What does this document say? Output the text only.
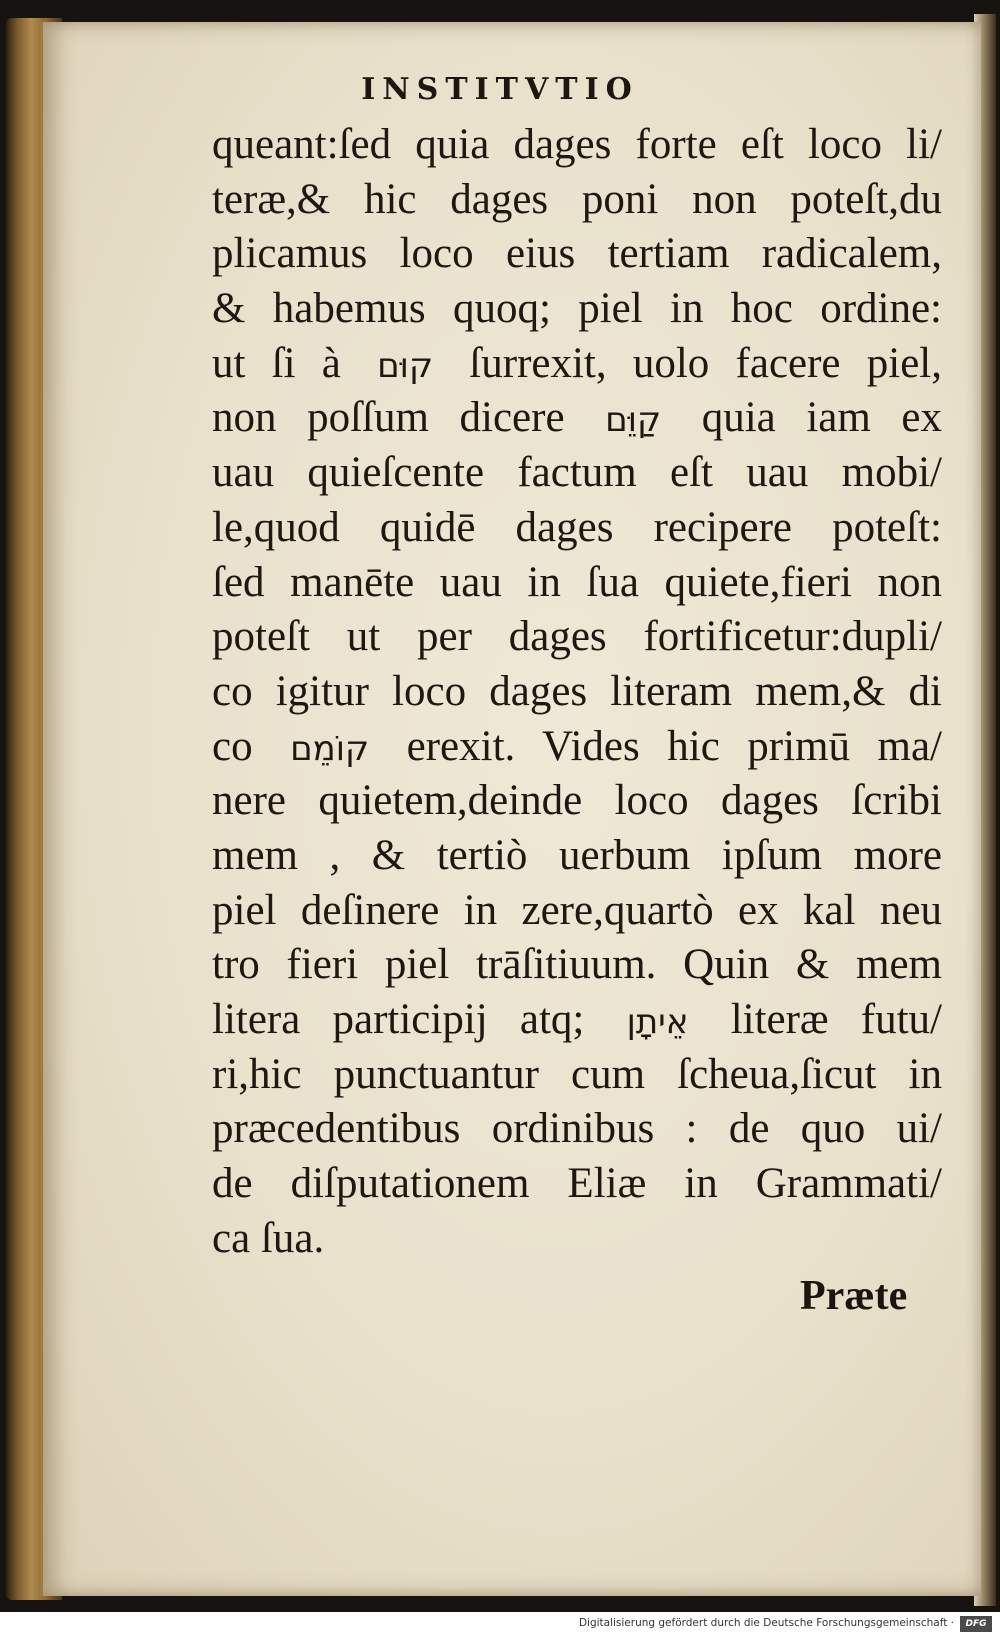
INSTITVTIO
queant:ſed quia dages forte eſt loco li/
teræ,& hic dages poni non poteſt,du
plicamus loco eius tertiam radicalem,
& habemus quoq; piel in hoc ordine:
ut ſi à קוּם ſurrexit, uolo facere piel,
non poſſum dicere קַוֵּם quia iam ex
uau quieſcente factum eſt uau mobi/
le,quod quidē dages recipere poteſt:
ſed manēte uau in ſua quiete,fieri non
poteſt ut per dages fortificetur:dupli/
co igitur loco dages literam mem,& di
co קוֹמֵם erexit. Vides hic primū ma/
nere quietem,deinde loco dages ſcribi
mem , & tertiò uerbum ipſum more
piel deſinere in zere,quartò ex kal neu
tro fieri piel trāſitiuum. Quin & mem
litera participij atq; אֵיתָן literæ futu/
ri,hic punctuantur cum ſcheua,ſicut in
præcedentibus ordinibus : de quo ui/
de diſputationem Eliæ in Grammati/
ca ſua.
Præte
Digitalisierung gefördert durch die Deutsche Forschungsgemeinschaft ·	DFG
